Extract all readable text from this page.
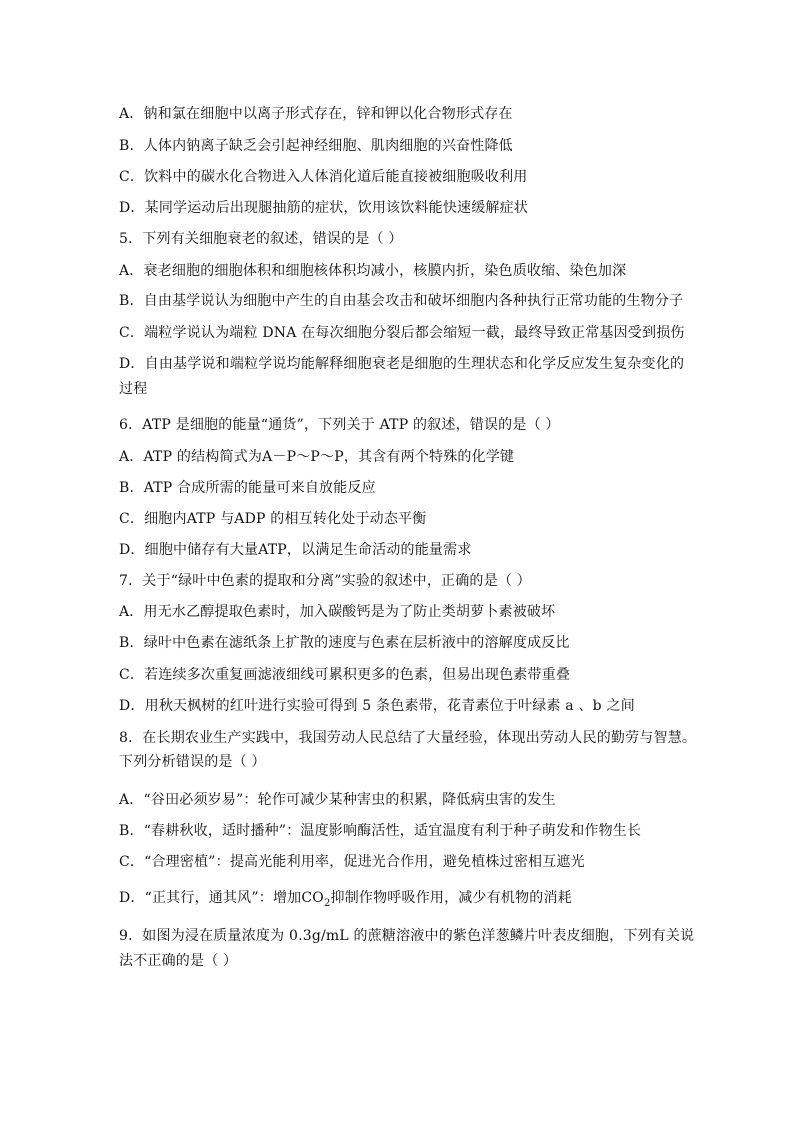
A．钠和氯在细胞中以离子形式存在，锌和钾以化合物形式存在
B．人体内钠离子缺乏会引起神经细胞、肌肉细胞的兴奋性降低
C．饮料中的碳水化合物进入人体消化道后能直接被细胞吸收利用
D．某同学运动后出现腿抽筋的症状，饮用该饮料能快速缓解症状
5．下列有关细胞衰老的叙述，错误的是（ ）
A．衰老细胞的细胞体积和细胞核体积均减小，核膜内折，染色质收缩、染色加深
B．自由基学说认为细胞中产生的自由基会攻击和破坏细胞内各种执行正常功能的生物分子
C．端粒学说认为端粒 DNA 在每次细胞分裂后都会缩短一截，最终导致正常基因受到损伤
D．自由基学说和端粒学说均能解释细胞衰老是细胞的生理状态和化学反应发生复杂变化的
过程
6．ATP 是细胞的能量“通货”，下列关于 ATP 的叙述，错误的是（ ）
A．ATP 的结构简式为A－P～P～P，其含有两个特殊的化学键
B．ATP 合成所需的能量可来自放能反应
C．细胞内ATP 与ADP 的相互转化处于动态平衡
D．细胞中储存有大量ATP，以满足生命活动的能量需求
7．关于“绿叶中色素的提取和分离”实验的叙述中，正确的是（ ）
A．用无水乙醇提取色素时，加入碳酸钙是为了防止类胡萝卜素被破坏
B．绿叶中色素在滤纸条上扩散的速度与色素在层析液中的溶解度成反比
C．若连续多次重复画滤液细线可累积更多的色素，但易出现色素带重叠
D．用秋天枫树的红叶进行实验可得到 5 条色素带，花青素位于叶绿素 a 、b 之间
8．在长期农业生产实践中，我国劳动人民总结了大量经验，体现出劳动人民的勤劳与智慧。
下列分析错误的是（ ）
A．“谷田必须岁易”：轮作可减少某种害虫的积累，降低病虫害的发生
B．“春耕秋收，适时播种”：温度影响酶活性，适宜温度有利于种子萌发和作物生长
C．“合理密植”：提高光能利用率，促进光合作用，避免植株过密相互遮光
D．“正其行，通其风”：增加$CO_2$抑制作物呼吸作用，减少有机物的消耗
9．如图为浸在质量浓度为 0.3g/mL 的蔗糖溶液中的紫色洋葱鳞片叶表皮细胞，下列有关说
法不正确的是（ ）
